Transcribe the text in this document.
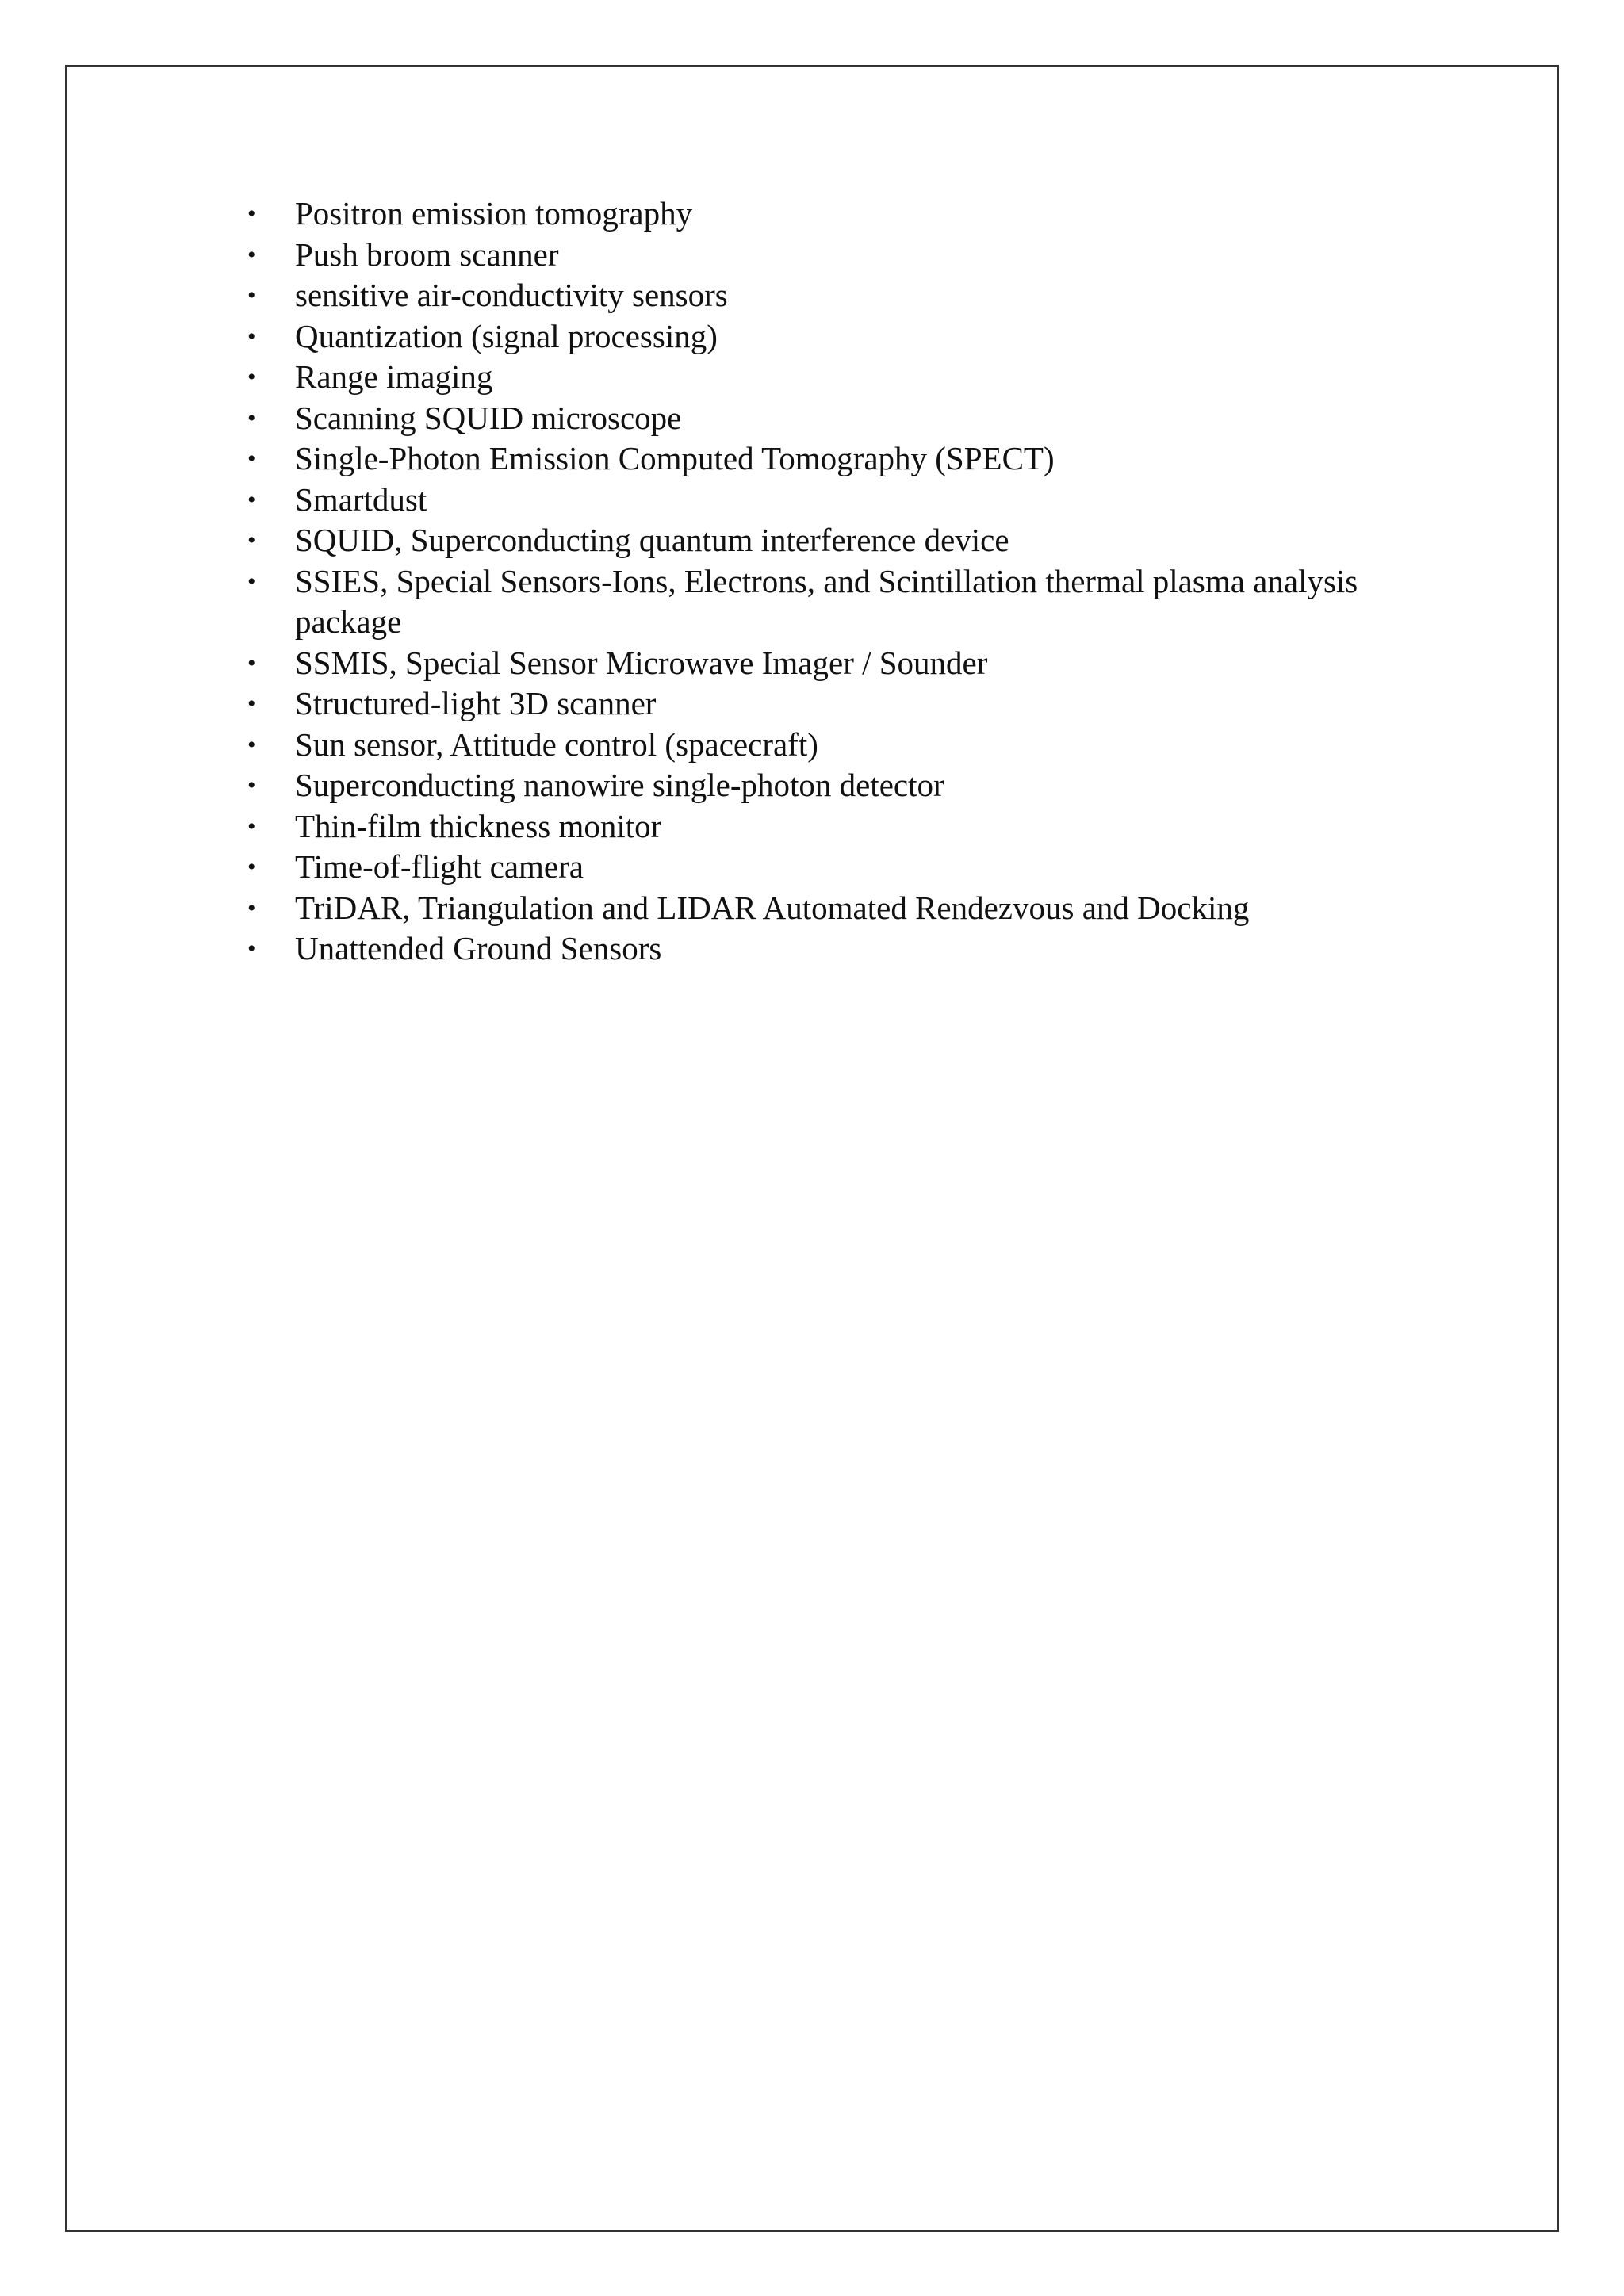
• Positron emission tomography
• Push broom scanner
• sensitive air-conductivity sensors
• Quantization (signal processing)
• Range imaging
• Scanning SQUID microscope
• Single-Photon Emission Computed Tomography (SPECT)
• Smartdust
• SQUID, Superconducting quantum interference device
• SSIES, Special Sensors-Ions, Electrons, and Scintillation thermal plasma analysis package
• SSMIS, Special Sensor Microwave Imager / Sounder
• Structured-light 3D scanner
• Sun sensor, Attitude control (spacecraft)
• Superconducting nanowire single-photon detector
• Thin-film thickness monitor
• Time-of-flight camera
• TriDAR, Triangulation and LIDAR Automated Rendezvous and Docking
• Unattended Ground Sensors
